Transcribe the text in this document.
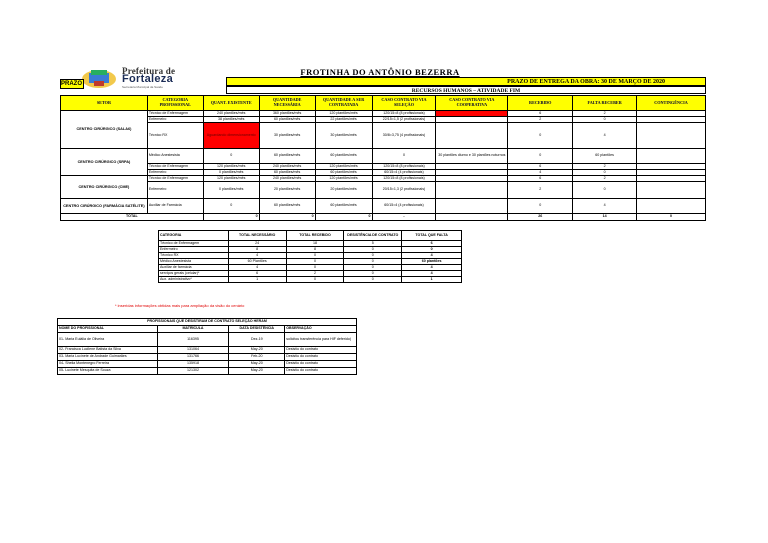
Prefeitura de
Fortaleza
Secretaria Municipal da Saúde
PRAZO
FROTINHA DO ANTÔNIO BEZERRA
PRAZO DE ENTREGA DA OBRA: 30 DE MARÇO DE 2020
RECURSOS HUMANOS – ATIVIDADE FIM
SETOR	CATEGORIA PROFISSIONAL	QUANT. EXISTENTE	QUANTIDADE NECESSÁRIA	QUANTIDADE A SER CONTRATADA	CASO CONTRATO VIA SELEÇÃO	CASO CONTRATO VIA COOPERATIVA	RECEBIDO	FALTA RECEBER	CONTINGÊNCIA
CENTRO CIRÚRGICO (SALA6)	Técnico de Enfermagem	240 plantões/mês	360 plantões/mês	120 plantões/mês	120/15=8 (8 profissionais)		6	2	
	Enfermeiro	38 plantões/mês	60 plantões/mês	22 plantões/mês	22/15=1,5 (2 profissionais)		2	0	
	Técnico RX	Aguardando dimensionamento	30 plantões/mês	30 plantões/mês	30/8=3,75 (4 profissionais)		0	4	
CENTRO CIRÚRGICO (SRPA)	Médico Anestesista	0	60 plantões/mês	60 plantões/mês	0	30 plantões diurno e 30 plantões noturnos	0	60 plantões	
	Técnico de Enfermagem	120 plantões/mês	240 plantões/mês	120 plantões/mês	120/15=8 (8 profissionais)		6	2	
	Enfermeiro	0 plantões/mês	60 plantões/mês	60 plantões/mês	60/15=4 (4 profissionais)		4	0	
CENTRO CIRÚRGICO (CME)	Técnico de Enfermagem	120 plantões/mês	240 plantões/mês	120 plantões/mês	120/15=8 (8 profissionais)		6	2	
	Enfermeiro	0 plantões/mês	20 plantões/mês	20 plantões/mês	20/15=1,3 (2 profissionais)		2	0	
CENTRO CIRÚRGICO (FARMÁCIA SATÉLITE)	Auxiliar de Farmácia	0	60 plantões/mês	60 plantões/mês	60/15=4 (4 profissionais)		0	4	
TOTAL		0	0	0	-		26	14	0
CATEGORIA	TOTAL NECESSÁRIO	TOTAL RECEBIDO	DESISTÊNCIA DE CONTRATO	TOTAL QUE FALTA
Técnico de Enfermagem	24	18	5	6
Enfermeiro	8	8	0	0
Técnico RX	4	0	0	4
Médico Anestesista	60 Plantões	0	0	60 plantões
Auxiliar de farmácia	4	0	0	4
serviços gerais (celular)*	6	2	0	4
Aux. administrativo*	1	0	0	1
* inseridas informações obtidas mais para ampliação da visão do cenário
PROFISSIONAIS QUE DESISTIRAM DE CONTRATO SELEÇÃO HERAM			
NOME DO PROFISSIONAL	MATRÍCULA	DATA DESISTÊNCIA	OBSERVAÇÃO
01- Maria Eulália de Oliveira	116395	Dez-19	solicitou transferência para HIF deferido)
02- Francisca Lucilene Batista da Silva	131064	May-20	Desistiu do contrato
03- Maria Lucinete de Andrade Guimarães	131766	Feb-20	Desistiu do contrato
04- Sheila Montenegro Ferreira	135918	May-20	Desistiu do contrato
05- Lucinete Mesquita de Souza	121302	May-20	Desistiu do contrato
